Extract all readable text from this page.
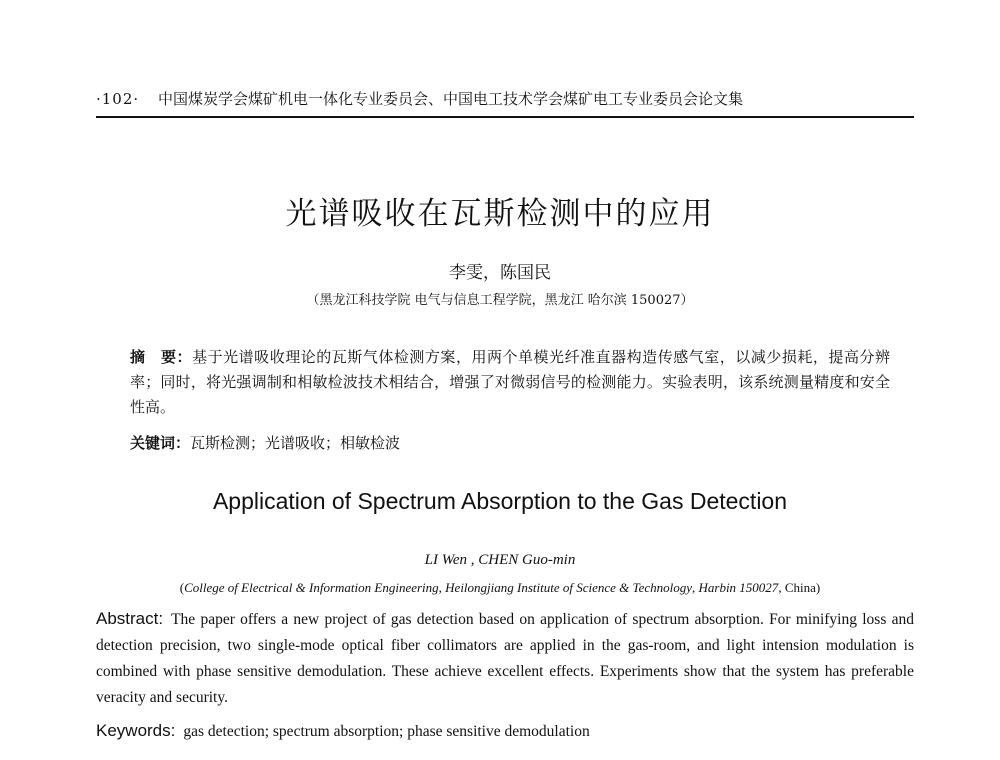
·102· 中国煤炭学会煤矿机电一体化专业委员会、中国电工技术学会煤矿电工专业委员会论文集
光谱吸收在瓦斯检测中的应用
李雯，陈国民
（黑龙江科技学院 电气与信息工程学院，黑龙江 哈尔滨 150027）
摘　要：基于光谱吸收理论的瓦斯气体检测方案，用两个单模光纤准直器构造传感气室，以减少损耗，提高分辨率；同时，将光强调制和相敏检波技术相结合，增强了对微弱信号的检测能力。实验表明，该系统测量精度和安全性高。
关键词：瓦斯检测；光谱吸收；相敏检波
Application of Spectrum Absorption to the Gas Detection
LI Wen , CHEN Guo-min
(College of Electrical & Information Engineering, Heilongjiang Institute of Science & Technology, Harbin 150027, China)
Abstract: The paper offers a new project of gas detection based on application of spectrum absorption. For minifying loss and detection precision, two single-mode optical fiber collimators are applied in the gas-room, and light intension modulation is combined with phase sensitive demodulation. These achieve excellent effects. Experiments show that the system has preferable veracity and security.
Keywords: gas detection; spectrum absorption; phase sensitive demodulation
